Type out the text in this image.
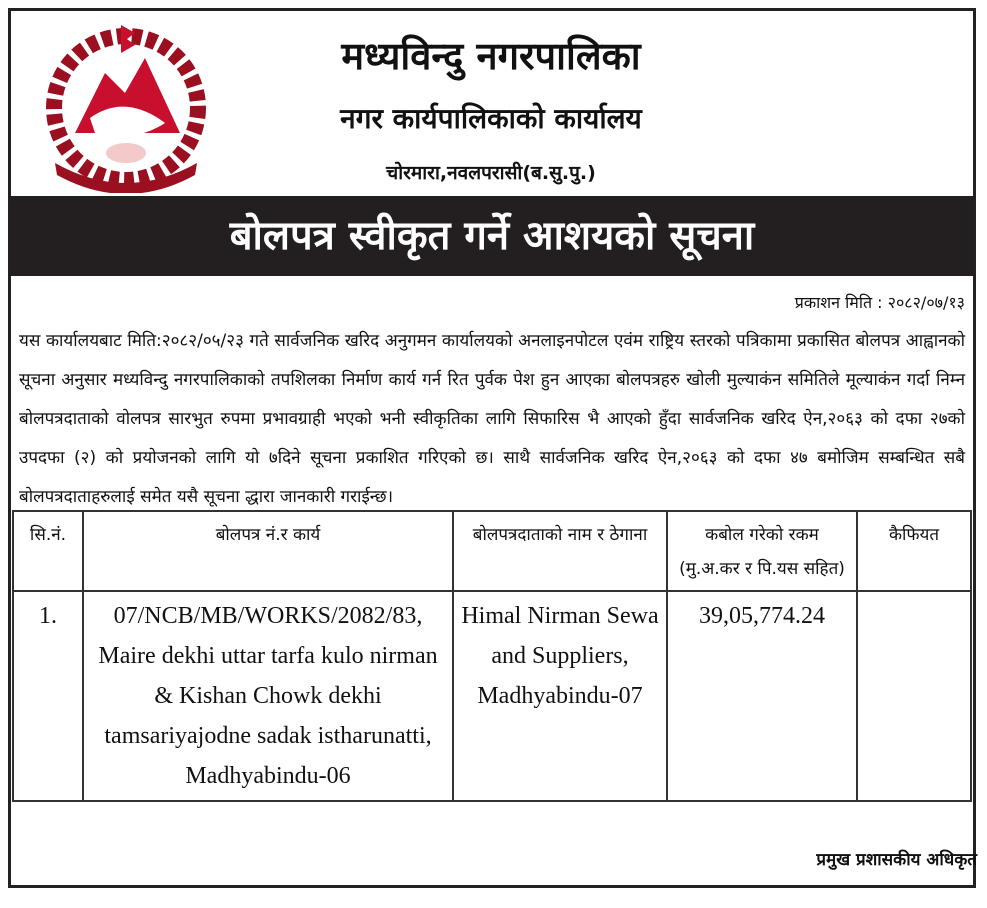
मध्यविन्दु नगरपालिका
नगर कार्यपालिकाको कार्यालय
चोरमारा,नवलपरासी(ब.सु.पु.)
बोलपत्र स्वीकृत गर्ने आशयको सूचना
प्रकाशन मिति : २०८२/०७/१३
यस कार्यालयबाट मिति:२०८२/०५/२३ गते सार्वजनिक खरिद अनुगमन कार्यालयको अनलाइनपोटल एवंम राष्ट्रिय स्तरको पत्रिकामा प्रकासित बोलपत्र आह्वानको सूचना अनुसार मध्यविन्दु नगरपालिकाको तपशिलका निर्माण कार्य गर्न रित पुर्वक पेश हुन आएका बोलपत्रहरु खोली मुल्याकंन समितिले मूल्याकंन गर्दा निम्न बोलपत्रदाताको वोलपत्र सारभुत रुपमा प्रभावग्राही भएको भनी स्वीकृतिका लागि सिफारिस भै आएको हुँदा सार्वजनिक खरिद ऐन,२०६३ को दफा २७को उपदफा (२) को प्रयोजनको लागि यो ७दिने सूचना प्रकाशित गरिएको छ। साथै सार्वजनिक खरिद ऐन,२०६३ को दफा ४७ बमोजिम सम्बन्धित सबै बोलपत्रदाताहरुलाई समेत यसै सूचना द्धारा जानकारी गराईन्छ।
सि.नं.	बोलपत्र नं.र कार्य	बोलपत्रदाताको नाम र ठेगाना	कबोल गरेको रकम (मु.अ.कर र पि.यस सहित)	कैफियत
1.	07/NCB/MB/WORKS/2082/83, Maire dekhi uttar tarfa kulo nirman & Kishan Chowk dekhi tamsariyajodne sadak istharunatti, Madhyabindu-06	Himal Nirman Sewa and Suppliers, Madhyabindu-07	39,05,774.24	
प्रमुख प्रशासकीय अधिकृत
